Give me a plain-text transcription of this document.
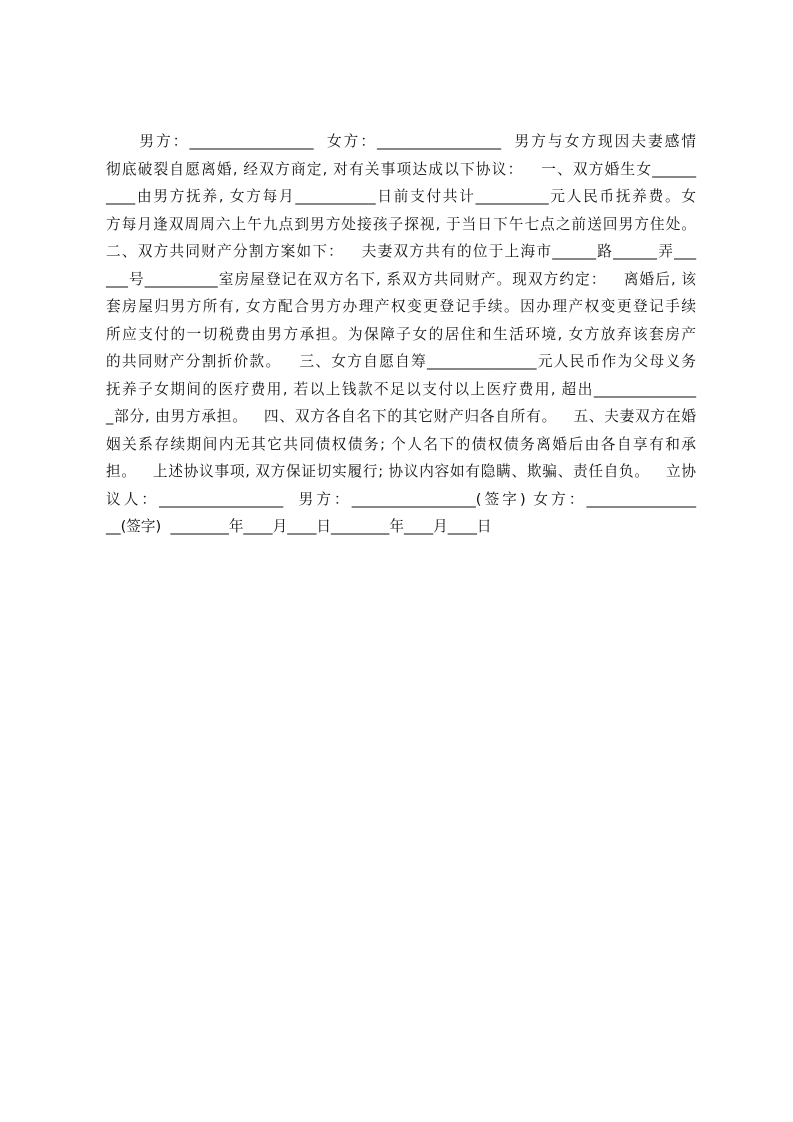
　　男方：_________________  女方：_________________  男方与女方现因夫妻感情
彻底破裂自愿离婚, 经双方商定, 对有关事项达成以下协议：   一、双方婚生女______
____由男方抚养, 女方每月___________日前支付共计__________元人民币抚养费。女
方每月逢双周周六上午九点到男方处接孩子探视, 于当日下午七点之前送回男方住处。
二、双方共同财产分割方案如下：   夫妻双方共有的位于上海市______路______弄___
___号__________室房屋登记在双方名下, 系双方共同财产。现双方约定：   离婚后, 该
套房屋归男方所有, 女方配合男方办理产权变更登记手续。因办理产权变更登记手续
所应支付的一切税费由男方承担。为保障子女的居住和生活环境, 女方放弃该套房产
的共同财产分割折价款。   三、女方自愿自筹_______________元人民币作为父母义务
抚养子女期间的医疗费用, 若以上钱款不足以支付以上医疗费用, 超出______________
_部分, 由男方承担。   四、双方各自名下的其它财产归各自所有。   五、夫妻双方在婚
姻关系存续期间内无其它共同债权债务; 个人名下的债权债务离婚后由各自享有和承
担。   上述协议事项, 双方保证切实履行; 协议内容如有隐瞒、欺骗、责任自负。   立协
议人：_________________  男方：_________________(签字) 女方：_______________
__(签字)  ________年____月____日________年____月____日
